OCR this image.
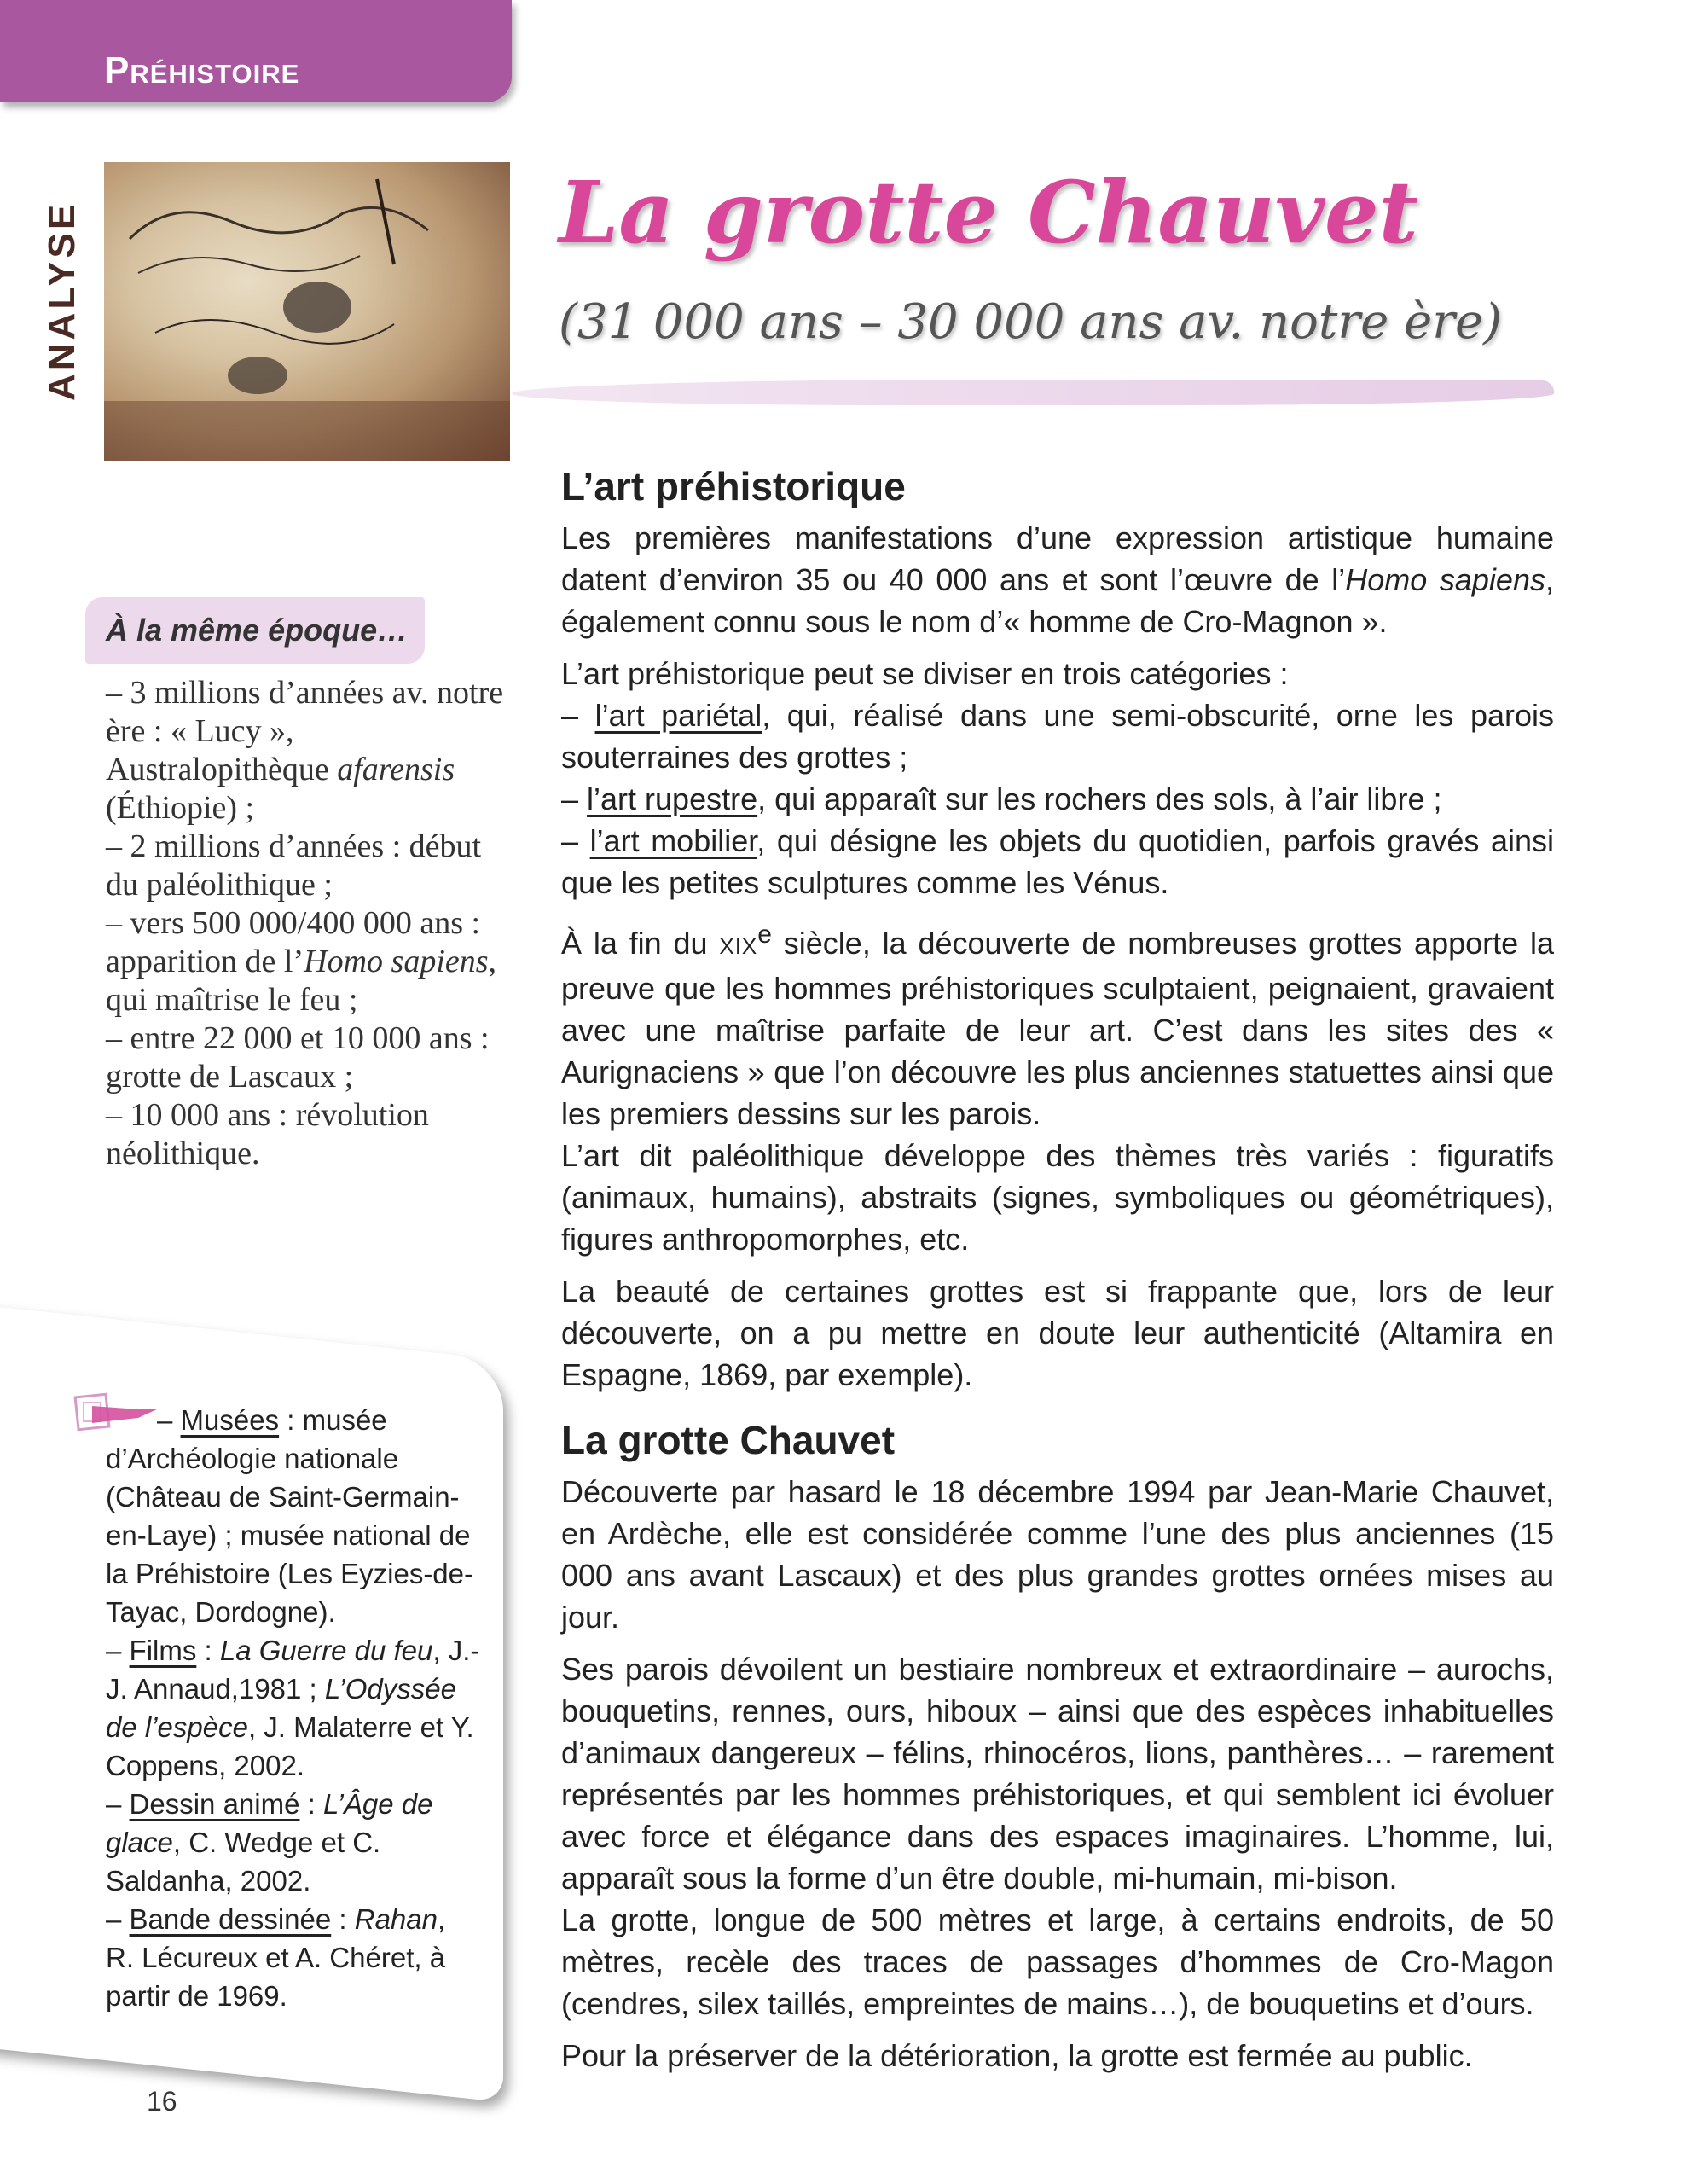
Préhistoire
ANALYSE	La grotte Chauvet
(31 000 ans – 30 000 ans av. notre ère)
L’art préhistorique

Les premières manifestations d’une expression artistique humaine datent d’environ 35 ou 40 000 ans et sont l’œuvre de l’Homo sapiens, également connu sous le nom d’« homme de Cro-Magnon ».

L’art préhistorique peut se diviser en trois catégories :

– l’art pariétal, qui, réalisé dans une semi-obscurité, orne les parois souterraines des grottes ;

– l’art rupestre, qui apparaît sur les rochers des sols, à l’air libre ;

– l’art mobilier, qui désigne les objets du quotidien, parfois gravés ainsi que les petites sculptures comme les Vénus.

À la fin du XIXe siècle, la découverte de nombreuses grottes apporte la preuve que les hommes préhistoriques sculptaient, peignaient, gravaient avec une maîtrise parfaite de leur art. C’est dans les sites des « Aurignaciens » que l’on découvre les plus anciennes statuettes ainsi que les premiers dessins sur les parois.

L’art dit paléolithique développe des thèmes très variés : figuratifs (animaux, humains), abstraits (signes, symboliques ou géométriques), figures anthropomorphes, etc.

La beauté de certaines grottes est si frappante que, lors de leur découverte, on a pu mettre en doute leur authenticité (Altamira en Espagne, 1869, par exemple).

La grotte Chauvet

Découverte par hasard le 18 décembre 1994 par Jean-Marie Chauvet, en Ardèche, elle est considérée comme l’une des plus anciennes (15 000 ans avant Lascaux) et des plus grandes grottes ornées mises au jour.

Ses parois dévoilent un bestiaire nombreux et extraordinaire – aurochs, bouquetins, rennes, ours, hiboux – ainsi que des espèces inhabituelles d’animaux dangereux – félins, rhinocéros, lions, panthères… – rarement représentés par les hommes préhistoriques, et qui semblent ici évoluer avec force et élégance dans des espaces imaginaires. L’homme, lui, apparaît sous la forme d’un être double, mi-humain, mi-bison.

La grotte, longue de 500 mètres et large, à certains endroits, de 50 mètres, recèle des traces de passages d’hommes de Cro-Magon (cendres, silex taillés, empreintes de mains…), de bouquetins et d’ours.

Pour la préserver de la détérioration, la grotte est fermée au public.

À la même époque…

– 3 millions d’années av. notre ère : « Lucy », Australopithèque afarensis (Éthiopie) ;

– 2 millions d’années : début du paléolithique ;

– vers 500 000/400 000 ans : apparition de l’Homo sapiens, qui maîtrise le feu ;

– entre 22 000 et 10 000 ans : grotte de Lascaux ;

– 10 000 ans : révolution néolithique.

– Musées : musée d’Archéologie nationale (Château de Saint-Germain-en-Laye) ; musée national de la Préhistoire (Les Eyzies-de-Tayac, Dordogne).

– Films : La Guerre du feu, J.-J. Annaud,1981 ; L’Odyssée de l’espèce, J. Malaterre et Y. Coppens, 2002.

– Dessin animé : L’Âge de glace, C. Wedge et C. Saldanha, 2002.

– Bande dessinée : Rahan, R. Lécureux et A. Chéret, à partir de 1969.

16
